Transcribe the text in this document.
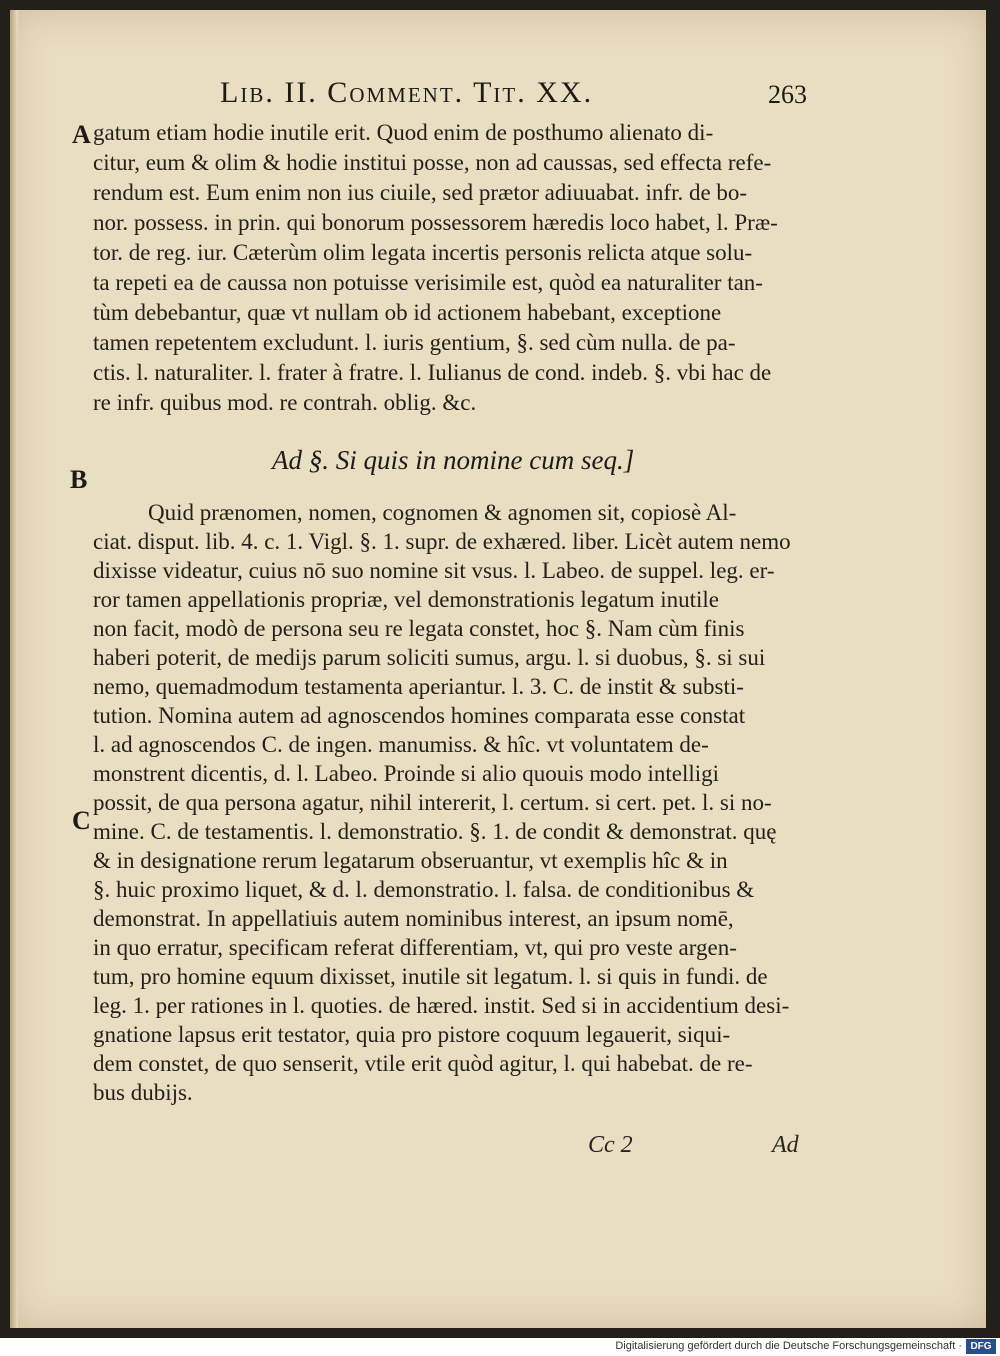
Lib. II. Comment. Tit. XX.	263
A
B
C
gatum etiam hodie inutile erit. Quod enim de posthumo alienato di-
citur, eum & olim & hodie institui posse, non ad caussas, sed effecta refe-
rendum est. Eum enim non ius ciuile, sed prætor adiuuabat. infr. de bo-
nor. possess. in prin. qui bonorum possessorem hæredis loco habet, l. Præ-
tor. de reg. iur. Cæterùm olim legata incertis personis relicta atque solu-
ta repeti ea de caussa non potuisse verisimile est, quòd ea naturaliter tan-
tùm debebantur, quæ vt nullam ob id actionem habebant, exceptione
tamen repetentem excludunt. l. iuris gentium, §. sed cùm nulla. de pa-
ctis. l. naturaliter. l. frater à fratre. l. Iulianus de cond. indeb. §. vbi hac de
re infr. quibus mod. re contrah. oblig. &c.
Ad §. Si quis in nomine cum seq.]
Quid prænomen, nomen, cognomen & agnomen sit, copiosè Al-
ciat. disput. lib. 4. c. 1. Vigl. §. 1. supr. de exhæred. liber. Licèt autem nemo
dixisse videatur, cuius nō suo nomine sit vsus. l. Labeo. de suppel. leg. er-
ror tamen appellationis propriæ, vel demonstrationis legatum inutile
non facit, modò de persona seu re legata constet, hoc §. Nam cùm finis
haberi poterit, de medijs parum soliciti sumus, argu. l. si duobus, §. si sui
nemo, quemadmodum testamenta aperiantur. l. 3. C. de instit & substi-
tution. Nomina autem ad agnoscendos homines comparata esse constat
l. ad agnoscendos C. de ingen. manumiss. & hîc. vt voluntatem de-
monstrent dicentis, d. l. Labeo. Proinde si alio quouis modo intelligi
possit, de qua persona agatur, nihil intererit, l. certum. si cert. pet. l. si no-
mine. C. de testamentis. l. demonstratio. §. 1. de condit & demonstrat. quę
& in designatione rerum legatarum obseruantur, vt exemplis hîc & in
§. huic proximo liquet, & d. l. demonstratio. l. falsa. de conditionibus &
demonstrat. In appellatiuis autem nominibus interest, an ipsum nomē,
in quo erratur, specificam referat differentiam, vt, qui pro veste argen-
tum, pro homine equum dixisset, inutile sit legatum. l. si quis in fundi. de
leg. 1. per rationes in l. quoties. de hæred. instit. Sed si in accidentium desi-
gnatione lapsus erit testator, quia pro pistore coquum legauerit, siqui-
dem constet, de quo senserit, vtile erit quòd agitur, l. qui habebat. de re-
bus dubijs.
Cc 2	Ad
Digitalisierung gefördert durch die Deutsche Forschungsgemeinschaft · DFG
